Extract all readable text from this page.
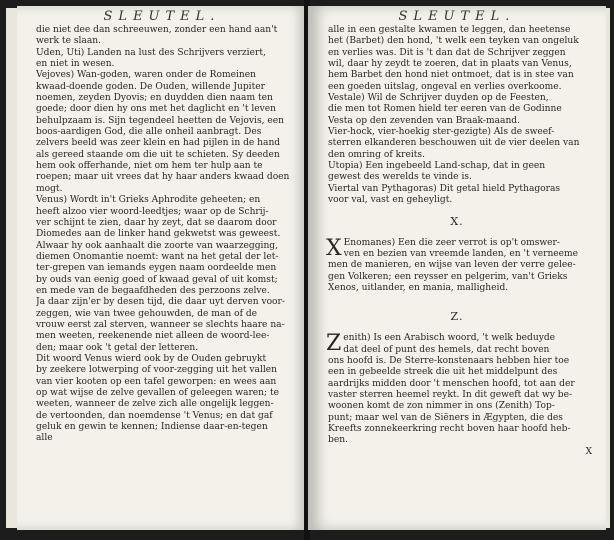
SLEUTEL.
die niet dee dan schreeuwen, zonder een hand aan't
werk te slaan.
Uden, Uti) Landen na lust des Schrijvers verziert,
en niet in wesen.
Vejoves) Wan-goden, waren onder de Romeinen
kwaad-doende goden. De Ouden, willende Jupiter
noemen, zeyden Dyovis; en duydden dien naam ten
goede; door dien hy ons met het daglicht en 't leven
behulpzaam is. Sijn tegendeel heetten de Vejovis, een
boos-aardigen God, die alle onheil aanbragt. Des
zelvers beeld was zeer klein en had pijlen in de hand
als gereed staande om die uit te schieten. Sy deeden
hem ook offerhande, niet om hem ter hulp aan te
roepen; maar uit vrees dat hy haar anders kwaad doen
mogt.
Venus) Wordt in't Grieks Aphrodite geheeten; en
heeft alzoo vier woord-leedtjes; waar op de Schrij-
ver schijnt te zien, daar hy zeyt, dat se daarom door
Diomedes aan de linker hand gekwetst was geweest.
Alwaar hy ook aanhaalt die zoorte van waarzegging,
diemen Onomantie noemt: want na het getal der let-
ter-grepen van iemands eygen naam oordeelde men
by ouds van eenig goed of kwaad geval of uit komst;
en mede van de begaafdheden des perzoons zelve.
Ja daar zijn'er by desen tijd, die daar uyt derven voor-
zeggen, wie van twee gehouwden, de man of de
vrouw eerst zal sterven, wanneer se slechts haare na-
men weeten, reekenende niet alleen de woord-lee-
den; maar ook 't getal der letteren.
Dit woord Venus wierd ook by de Ouden gebruykt
by zeekere lotwerping of voor-zegging uit het vallen
van vier kooten op een tafel geworpen: en wees aan
op wat wijse de zelve gevallen of geleegen waren; te
weeten, wanneer de zelve zich alle ongelijk leggen-
de vertoonden, dan noemdense 't Venus; en dat gaf
geluk en gewin te kennen; Indiense daar-en-tegen
alle
SLEUTEL.
alle in een gestalte kwamen te leggen, dan heetense
het (Barbet) den hond, 't welk een teyken van ongeluk
en verlies was. Dit is 't dan dat de Schrijver zeggen
wil, daar hy zeydt te zoeren, dat in plaats van Venus,
hem Barbet den hond niet ontmoet, dat is in stee van
een goeden uitslag, ongeval en verlies overkoome.
Vestale) Wil de Schrijver duyden op de Feesten,
die men tot Romen hield ter eeren van de Godinne
Vesta op den zevenden van Braak-maand.
Vier-hock, vier-hoekig ster-gezigte) Als de sweef-
sterren elkanderen beschouwen uit de vier deelen van
den omring of kreits.
Utopia) Een ingebeeld Land-schap, dat in geen
gewest des werelds te vinde is.
Viertal van Pythagoras) Dit getal hield Pythagoras
voor val, vast en geheyligt.
X.
X Enomanes) Een die zeer verrot is op't omswer-
ven en bezien van vreemde landen, en 't verneeme
men de manieren, en wijse van leven der verre gelee-
gen Volkeren; een reysser en pelgerim, van't Grieks
Xenos, uitlander, en mania, malligheid.
Z.
Z enith) Is een Arabisch woord, 't welk beduyde
dat deel of punt des hemels, dat recht boven
ons hoofd is. De Sterre-konstenaars hebben hier toe
een in gebeelde streek die uit het middelpunt des
aardrijks midden door 't menschen hoofd, tot aan der
vaster sterren heemel reykt. In dit geweft dat wy be-
woonen komt de zon nimmer in ons (Zenith) Top-
punt; maar wel van de Siëners in Ægypten, die des
Kreefts zonnekeerkring recht boven haar hoofd heb-
ben.
X
